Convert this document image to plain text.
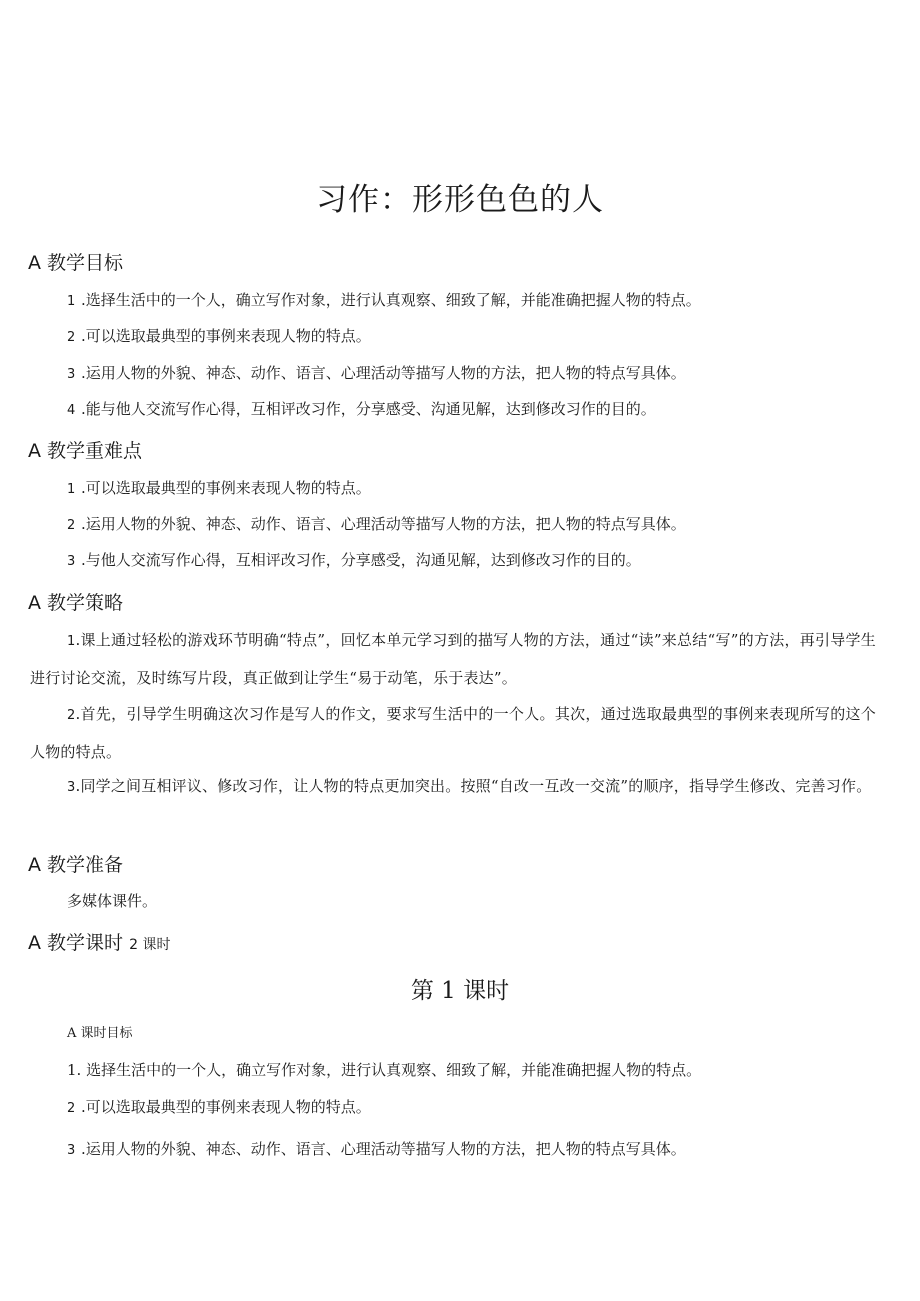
习作：形形色色的人
A 教学目标

1 .选择生活中的一个人，确立写作对象，进行认真观察、细致了解，并能准确把握人物的特点。

2 .可以选取最典型的事例来表现人物的特点。

3 .运用人物的外貌、神态、动作、语言、心理活动等描写人物的方法，把人物的特点写具体。

4 .能与他人交流写作心得，互相评改习作，分享感受、沟通见解，达到修改习作的目的。

A 教学重难点

1 .可以选取最典型的事例来表现人物的特点。

2 .运用人物的外貌、神态、动作、语言、心理活动等描写人物的方法，把人物的特点写具体。

3 .与他人交流写作心得，互相评改习作，分享感受，沟通见解，达到修改习作的目的。

A 教学策略

1.课上通过轻松的游戏环节明确“特点”，回忆本单元学习到的描写人物的方法，通过“读”来总结“写”的方法，再引导学生进行讨论交流，及时练写片段，真正做到让学生“易于动笔，乐于表达”。

2.首先，引导学生明确这次习作是写人的作文，要求写生活中的一个人。其次，通过选取最典型的事例来表现所写的这个人物的特点。

3.同学之间互相评议、修改习作，让人物的特点更加突出。按照“自改一互改一交流”的顺序，指导学生修改、完善习作。

A 教学准备

多媒体课件。

A 教学课时 2 课时
第 1 课时

A 课时目标

1. 选择生活中的一个人，确立写作对象，进行认真观察、细致了解，并能准确把握人物的特点。

2 .可以选取最典型的事例来表现人物的特点。

3 .运用人物的外貌、神态、动作、语言、心理活动等描写人物的方法，把人物的特点写具体。
